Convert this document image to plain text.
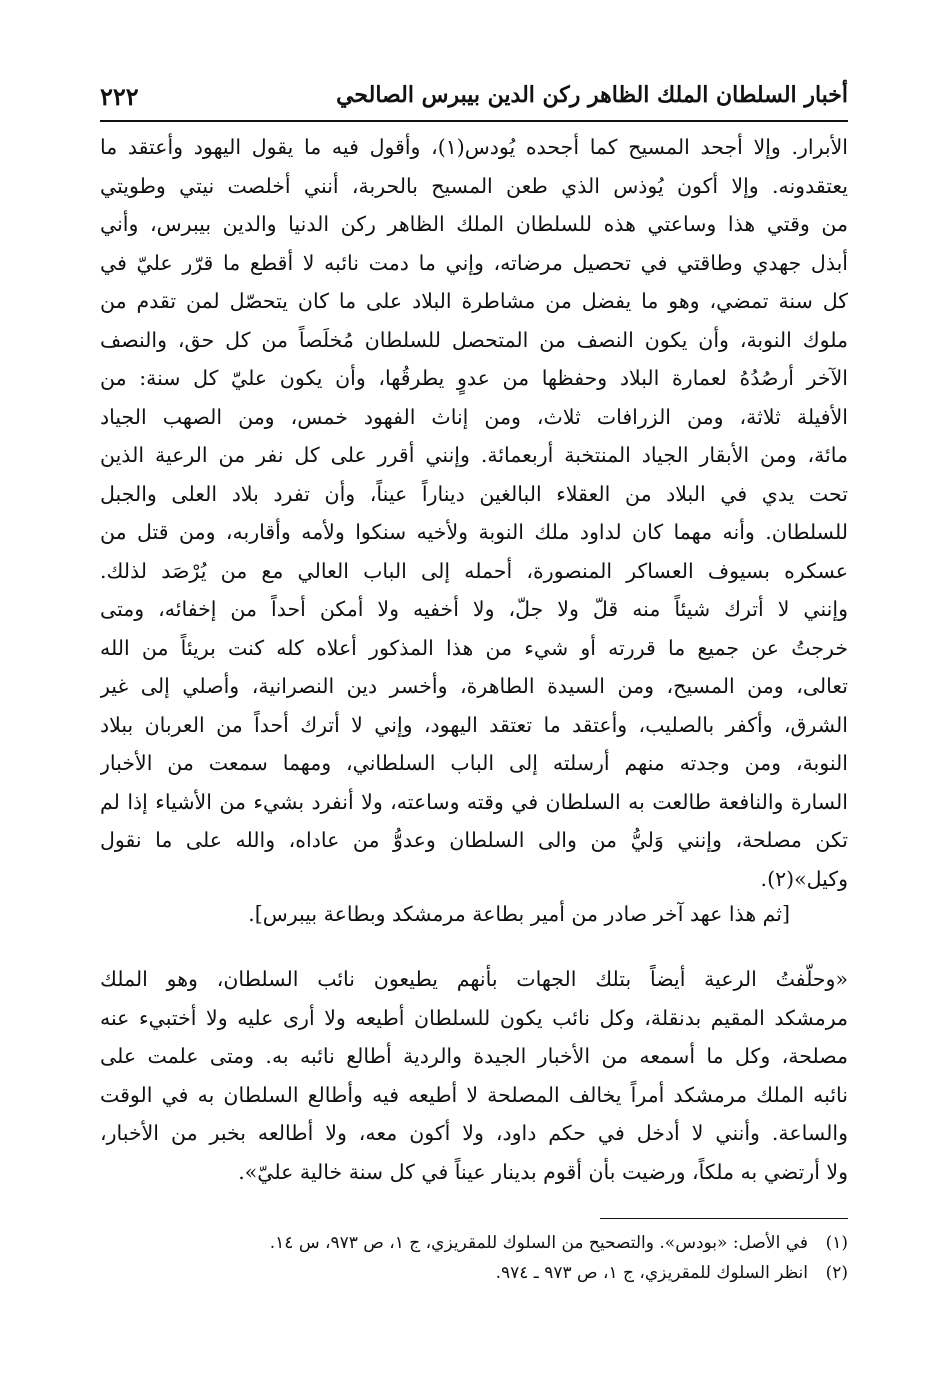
أخبار السلطان الملك الظاهر ركن الدين بيبرس الصالحي
٢٢٢
الأبرار. وإلا أجحد المسيح كما أجحده يُودس(١)، وأقول فيه ما يقول اليهود وأعتقد ما
يعتقدونه. وإلا أكون يُوذس الذي طعن المسيح بالحربة، أنني أخلصت نيتي وطويتي
من وقتي هذا وساعتي هذه للسلطان الملك الظاهر ركن الدنيا والدين بيبرس، وأني
أبذل جهدي وطاقتي في تحصيل مرضاته، وإني ما دمت نائبه لا أقطع ما قرّر عليّ في
كل سنة تمضي، وهو ما يفضل من مشاطرة البلاد على ما كان يتحصّل لمن تقدم من
ملوك النوبة، وأن يكون النصف من المتحصل للسلطان مُخلَصاً من كل حق، والنصف
الآخر أرصُدُهُ لعمارة البلاد وحفظها من عدوٍ يطرقُها، وأن يكون عليّ كل سنة: من
الأفيلة ثلاثة، ومن الزرافات ثلاث، ومن إناث الفهود خمس، ومن الصهب الجياد
مائة، ومن الأبقار الجياد المنتخبة أربعمائة. وإنني أقرر على كل نفر من الرعية الذين
تحت يدي في البلاد من العقلاء البالغين ديناراً عيناً، وأن تفرد بلاد العلى والجبل
للسلطان. وأنه مهما كان لداود ملك النوبة ولأخيه سنكوا ولأمه وأقاربه، ومن قتل من
عسكره بسيوف العساكر المنصورة، أحمله إلى الباب العالي مع من يُرْصَد لذلك.
وإنني لا أترك شيئاً منه قلّ ولا جلّ، ولا أخفيه ولا أمكن أحداً من إخفائه، ومتى
خرجتُ عن جميع ما قررته أو شيء من هذا المذكور أعلاه كله كنت بريئاً من الله
تعالى، ومن المسيح، ومن السيدة الطاهرة، وأخسر دين النصرانية، وأصلي إلى غير
الشرق، وأكفر بالصليب، وأعتقد ما تعتقد اليهود، وإني لا أترك أحداً من العربان ببلاد
النوبة، ومن وجدته منهم أرسلته إلى الباب السلطاني، ومهما سمعت من الأخبار
السارة والنافعة طالعت به السلطان في وقته وساعته، ولا أنفرد بشيء من الأشياء إذا لم
تكن مصلحة، وإنني وَليُّ من والى السلطان وعدوُّ من عاداه، والله على ما نقول
وكيل»(٢).
[ثم هذا عهد آخر صادر من أمير بطاعة مرمشكد وبطاعة بيبرس].
«وحلّفتُ الرعية أيضاً بتلك الجهات بأنهم يطيعون نائب السلطان، وهو الملك
مرمشكد المقيم بدنقلة، وكل نائب يكون للسلطان أطيعه ولا أرى عليه ولا أختبيء عنه
مصلحة، وكل ما أسمعه من الأخبار الجيدة والردية أطالع نائبه به. ومتى علمت على
نائبه الملك مرمشكد أمراً يخالف المصلحة لا أطيعه فيه وأطالع السلطان به في الوقت
والساعة. وأنني لا أدخل في حكم داود، ولا أكون معه، ولا أطالعه بخبر من الأخبار،
ولا أرتضي به ملكاً، ورضيت بأن أقوم بدينار عيناً في كل سنة خالية عليّ».
(١)في الأصل: «بودس». والتصحيح من السلوك للمقريزي، ج ١، ص ٩٧٣، س ١٤.
(٢)انظر السلوك للمقريزي، ج ١، ص ٩٧٣ ـ ٩٧٤.
